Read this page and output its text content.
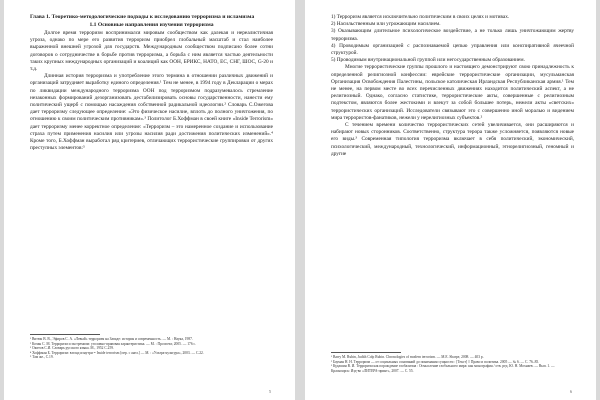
Глава 1. Теоретико-методологические подходы к исследованию терроризма и исламизма
1.1 Основные направления изучения терроризма

Долгое время терроризм воспринимался мировым сообществом как далекая и нереалистичная угроза, однако по мере его развития терроризм приобрел глобальный масштаб и стал наиболее выраженной внешней угрозой для государств. Международным сообществом подписано более сотни договоров о сотрудничестве в борьбе против терроризма, а борьба с ним является частью деятельности таких крупных международных организаций и коалиций как ООН, БРИКС, НАТО, ЕС, СНГ, ШОС, G-20 и т.д.

Длинная история терроризма и употребление этого термина в отношении различных движений и организаций затрудняет выработку единого определения.¹ Тем не менее, в 1994 году в Декларации о мерах по ликвидации международного терроризма ООН под терроризмом подразумевалось стремление незаконных формирований дезорганизовать дестабилизировать основы государственности, нанести ему политический ущерб с помощью насаждения собственной радикальной идеологии.² Словарь С.Ожегова дает терроризму следующее определение: «Это физическое насилие, вплоть до полного уничтожения, по отношению к своим политическим противникам».³ Политолог Б.Хоффман в своей книге «Inside Terrorism» дает терроризму менее корректное определение: «Терроризм – это намеренное создание и использование страха путем применения насилия или угрозы насилия ради достижения политических изменений».⁴ Кроме того, Б.Хоффман выработал ряд критериев, отличающих террористические группировки от других преступных элементов:⁵

¹ Витюк В. В., Эфиров С. А. «Левый» терроризм на Западе: история и современность. — М. : Наука, 1987.
² Кочан С. М. Терроризм и экстремизм: уголовно-правовая характеристика. — М. : Проспект, 2005. — 176 с.
³ Ожегов С.И. Словарь русского языка. М., 1952 С.259.
⁴ Хоффман Б. Терроризм: взгляд изнутри = Inside terrorism [пер. с англ.] — М. : «Ультра-культура», 2003. — С.22.
⁵ Там же., С.19.
5

1) Терроризм является исключительно политическим в своих целях и мотивах.

2) Насильственным или угрожающим насилием.

3) Оказывающим длительное психологическое воздействие, а не только лишь уничтожающим жертву терроризма.

4) Проводимым организацией с распознаваемой цепью управления или конспиративной ячеечной структурой.

5) Проводимым внутринациональной группой или негосударственным образованием.

Многие террористические группы прошлого и настоящего демонстрируют свою принадлежность к определенной религиозной конфессии: еврейские террористические организации, мусульманская Организация Освобождения Палестины, польское католическая Ирландская Республиканская армия.¹ Тем не менее, на первом месте во всех перечисленных движениях находится политический аспект, а не религиозный. Однако, согласно статистике, террористические акты, совершенные с религиозным подтекстом, являются более жестокими и влекут за собой большее потерь, нежели акты «светских» террористических организаций. Исследователи связывают это с совершенно иной моралью и видением мира террористов-фанатиков, нежели у нерелигиозных субъектов.²

С течением времени количество террористических сетей увеличивается, они расширяются и набирают новых сторонников. Соответственно, структура терора также усложняется, появляются новые его виды.³ Современная типология терроризма включает в себя политический, экономический, психологический, международный, технологический, информационный, этнорелигиозный, геномный и другие

¹ Barry M. Rubin, Judith Colp Rubin. Chronologies of modern terrorism. — M.E. Sharpe, 2008. — 403 p.
² Бауман Н. Н. Терроризм — от социальных оснований до понимания сущности : [Текст] // Право и политика. 2005 — № 6. — С. 76–85.
³ Кудашин В. И. Терроризм как порождение глобализма : Осмысление глобального мира: как монография / отв. ред. Ю. Н. Мохнаев. — Вып. 1. — Красноярск: Изд-во «ЛИТЕРА-принт», 2007. — С. 55.
6
